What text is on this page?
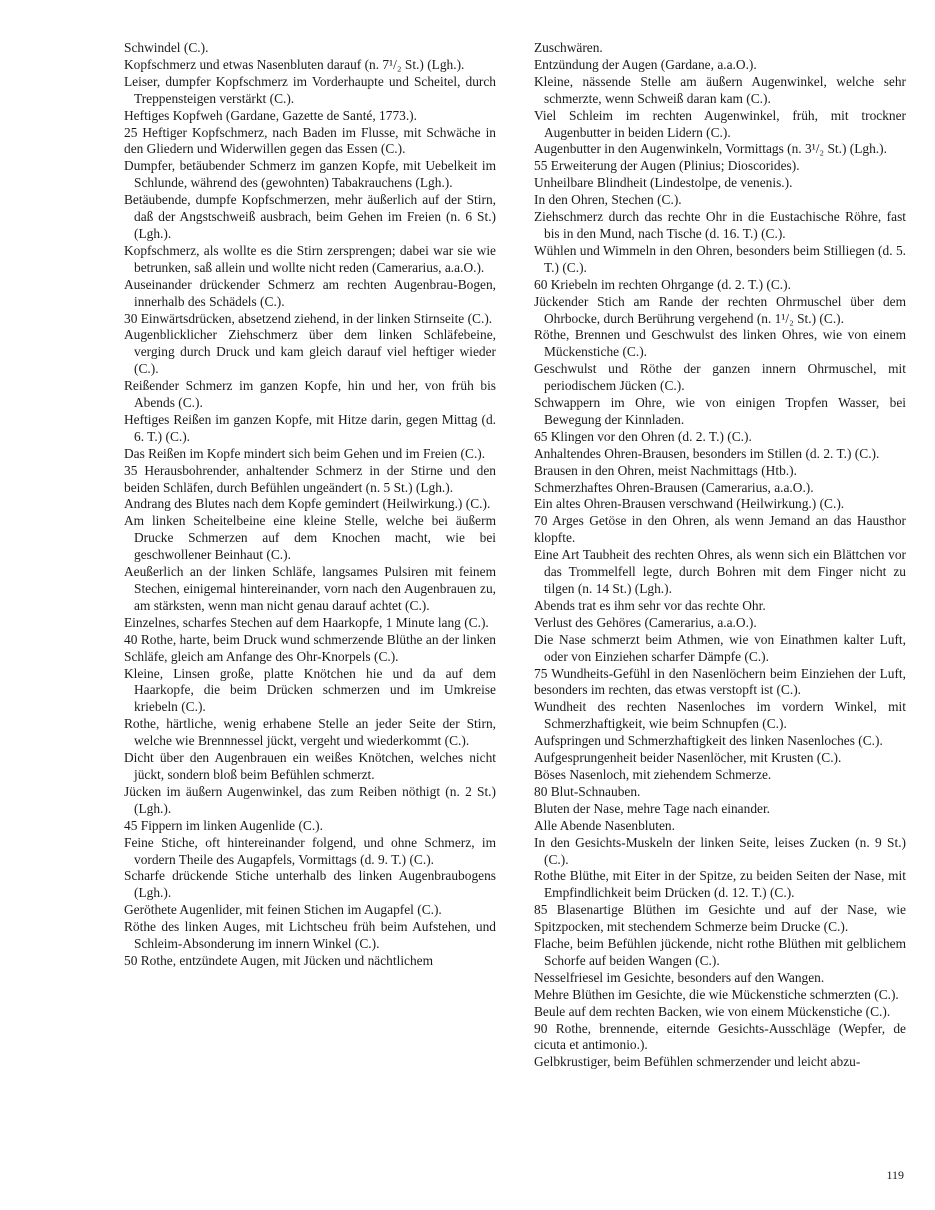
Schwindel (C.).
Kopfschmerz und etwas Nasenbluten darauf (n. 7¹/₂ St.) (Lgh.).
Leiser, dumpfer Kopfschmerz im Vorderhaupte und Scheitel, durch Treppensteigen verstärkt (C.).
Heftiges Kopfweh (Gardane, Gazette de Santé, 1773.).
25 Heftiger Kopfschmerz, nach Baden im Flusse, mit Schwäche in den Gliedern und Widerwillen gegen das Essen (C.).
Dumpfer, betäubender Schmerz im ganzen Kopfe, mit Uebelkeit im Schlunde, während des (gewohnten) Tabakrauchens (Lgh.).
Betäubende, dumpfe Kopfschmerzen, mehr äußerlich auf der Stirn, daß der Angstschweiß ausbrach, beim Gehen im Freien (n. 6 St.) (Lgh.).
Kopfschmerz, als wollte es die Stirn zersprengen; dabei war sie wie betrunken, saß allein und wollte nicht reden (Camerarius, a.a.O.).
Auseinander drückender Schmerz am rechten Augenbrau-Bogen, innerhalb des Schädels (C.).
30 Einwärtsdrücken, absetzend ziehend, in der linken Stirnseite (C.).
Augenblicklicher Ziehschmerz über dem linken Schläfebeine, verging durch Druck und kam gleich darauf viel heftiger wieder (C.).
Reißender Schmerz im ganzen Kopfe, hin und her, von früh bis Abends (C.).
Heftiges Reißen im ganzen Kopfe, mit Hitze darin, gegen Mittag (d. 6. T.) (C.).
Das Reißen im Kopfe mindert sich beim Gehen und im Freien (C.).
35 Herausbohrender, anhaltender Schmerz in der Stirne und den beiden Schläfen, durch Befühlen ungeändert (n. 5 St.) (Lgh.).
Andrang des Blutes nach dem Kopfe gemindert (Heilwirkung.) (C.).
Am linken Scheitelbeine eine kleine Stelle, welche bei äußerm Drucke Schmerzen auf dem Knochen macht, wie bei geschwollener Beinhaut (C.).
Aeußerlich an der linken Schläfe, langsames Pulsiren mit feinem Stechen, einigemal hintereinander, vorn nach den Augenbrauen zu, am stärksten, wenn man nicht genau darauf achtet (C.).
Einzelnes, scharfes Stechen auf dem Haarkopfe, 1 Minute lang (C.).
40 Rothe, harte, beim Druck wund schmerzende Blüthe an der linken Schläfe, gleich am Anfange des Ohr-Knorpels (C.).
Kleine, Linsen große, platte Knötchen hie und da auf dem Haarkopfe, die beim Drücken schmerzen und im Umkreise kriebeln (C.).
Rothe, härtliche, wenig erhabene Stelle an jeder Seite der Stirn, welche wie Brennnessel jückt, vergeht und wiederkommt (C.).
Dicht über den Augenbrauen ein weißes Knötchen, welches nicht jückt, sondern bloß beim Befühlen schmerzt.
Jücken im äußern Augenwinkel, das zum Reiben nöthigt (n. 2 St.) (Lgh.).
45 Fippern im linken Augenlide (C.).
Feine Stiche, oft hintereinander folgend, und ohne Schmerz, im vordern Theile des Augapfels, Vormittags (d. 9. T.) (C.).
Scharfe drückende Stiche unterhalb des linken Augenbraubogens (Lgh.).
Geröthete Augenlider, mit feinen Stichen im Augapfel (C.).
Röthe des linken Auges, mit Lichtscheu früh beim Aufstehen, und Schleim-Absonderung im innern Winkel (C.).
50 Rothe, entzündete Augen, mit Jücken und nächtlichem
Zuschwären.
Entzündung der Augen (Gardane, a.a.O.).
Kleine, nässende Stelle am äußern Augenwinkel, welche sehr schmerzte, wenn Schweiß daran kam (C.).
Viel Schleim im rechten Augenwinkel, früh, mit trockner Augenbutter in beiden Lidern (C.).
Augenbutter in den Augenwinkeln, Vormittags (n. 3¹/₂ St.) (Lgh.).
55 Erweiterung der Augen (Plinius; Dioscorides).
Unheilbare Blindheit (Lindestolpe, de venenis.).
In den Ohren, Stechen (C.).
Ziehschmerz durch das rechte Ohr in die Eustachische Röhre, fast bis in den Mund, nach Tische (d. 16. T.) (C.).
Wühlen und Wimmeln in den Ohren, besonders beim Stilliegen (d. 5. T.) (C.).
60 Kriebeln im rechten Ohrgange (d. 2. T.) (C.).
Jückender Stich am Rande der rechten Ohrmuschel über dem Ohrbocke, durch Berührung vergehend (n. 1¹/₂ St.) (C.).
Röthe, Brennen und Geschwulst des linken Ohres, wie von einem Mückenstiche (C.).
Geschwulst und Röthe der ganzen innern Ohrmuschel, mit periodischem Jücken (C.).
Schwappern im Ohre, wie von einigen Tropfen Wasser, bei Bewegung der Kinnladen.
65 Klingen vor den Ohren (d. 2. T.) (C.).
Anhaltendes Ohren-Brausen, besonders im Stillen (d. 2. T.) (C.).
Brausen in den Ohren, meist Nachmittags (Htb.).
Schmerzhaftes Ohren-Brausen (Camerarius, a.a.O.).
Ein altes Ohren-Brausen verschwand (Heilwirkung.) (C.).
70 Arges Getöse in den Ohren, als wenn Jemand an das Hausthor klopfte.
Eine Art Taubheit des rechten Ohres, als wenn sich ein Blättchen vor das Trommelfell legte, durch Bohren mit dem Finger nicht zu tilgen (n. 14 St.) (Lgh.).
Abends trat es ihm sehr vor das rechte Ohr.
Verlust des Gehöres (Camerarius, a.a.O.).
Die Nase schmerzt beim Athmen, wie von Einathmen kalter Luft, oder von Einziehen scharfer Dämpfe (C.).
75 Wundheits-Gefühl in den Nasenlöchern beim Einziehen der Luft, besonders im rechten, das etwas verstopft ist (C.).
Wundheit des rechten Nasenloches im vordern Winkel, mit Schmerzhaftigkeit, wie beim Schnupfen (C.).
Aufspringen und Schmerzhaftigkeit des linken Nasenloches (C.).
Aufgesprungenheit beider Nasenlöcher, mit Krusten (C.).
Böses Nasenloch, mit ziehendem Schmerze.
80 Blut-Schnauben.
Bluten der Nase, mehre Tage nach einander.
Alle Abende Nasenbluten.
In den Gesichts-Muskeln der linken Seite, leises Zucken (n. 9 St.) (C.).
Rothe Blüthe, mit Eiter in der Spitze, zu beiden Seiten der Nase, mit Empfindlichkeit beim Drücken (d. 12. T.) (C.).
85 Blasenartige Blüthen im Gesichte und auf der Nase, wie Spitzpocken, mit stechendem Schmerze beim Drucke (C.).
Flache, beim Befühlen jückende, nicht rothe Blüthen mit gelblichem Schorfe auf beiden Wangen (C.).
Nesselfriesel im Gesichte, besonders auf den Wangen.
Mehre Blüthen im Gesichte, die wie Mückenstiche schmerzten (C.).
Beule auf dem rechten Backen, wie von einem Mückenstiche (C.).
90 Rothe, brennende, eiternde Gesichts-Ausschläge (Wepfer, de cicuta et antimonio.).
Gelbkrustiger, beim Befühlen schmerzender und leicht abzu-
119
